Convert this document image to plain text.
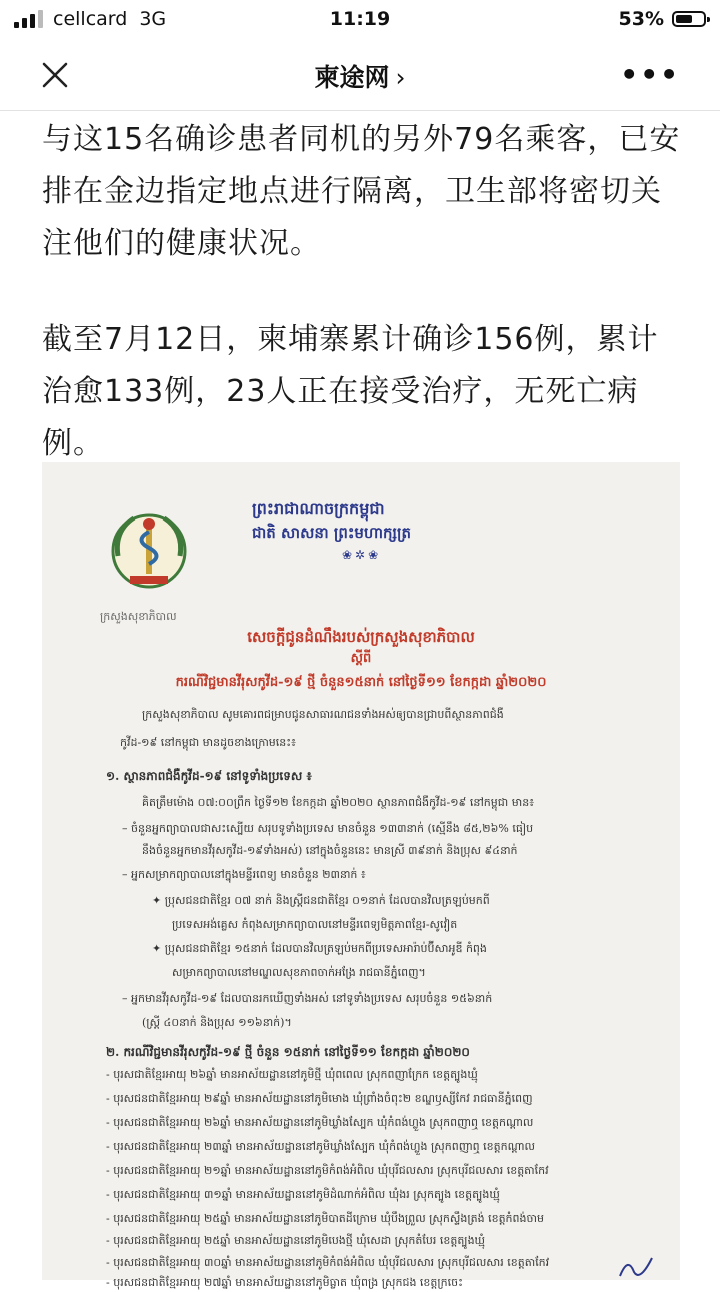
cellcard 3G	11:19	53%
柬途网 ›	•••

与这15名确诊患者同机的另外79名乘客，已安排在金边指定地点进行隔离，卫生部将密切关注他们的健康状况。

截至7月12日，柬埔寨累计确诊156例，累计治愈133例，23人正在接受治疗，无死亡病例。

ក្រសួងសុខាភិបាល
ព្រះរាជាណាចក្រកម្ពុជា
ជាតិ សាសនា ព្រះមហាក្សត្រ
❀✲❀
សេចក្តីជូនដំណឹងរបស់ក្រសួងសុខាភិបាល
ស្តីពី
ករណីវិជ្ជមានវីរុសកូវីដ-១៩ ថ្មី ចំនួន១៥នាក់ នៅថ្ងៃទី១១ ខែកក្កដា ឆ្នាំ២០២០
ក្រសួងសុខាភិបាល សូមគោរពជម្រាបជូនសាធារណជនទាំងអស់ឲ្យបានជ្រាបពីស្ថានភាពជំងឺ
កូវីដ-១៩ នៅកម្ពុជា មានដូចខាងក្រោមនេះ៖
១. ស្ថានភាពជំងឺកូវីដ-១៩ នៅទូទាំងប្រទេស ៖
គិតត្រឹមម៉ោង ០៧:០០ព្រឹក ថ្ងៃទី១២ ខែកក្កដា ឆ្នាំ២០២០ ស្ថានភាពជំងឺកូវីដ-១៩ នៅកម្ពុជា មាន៖
– ចំនួនអ្នកព្យាបាលជាសះស្បើយ សរុបទូទាំងប្រទេស មានចំនួន ១៣៣នាក់ (ស្មើនឹង ៨៥,២៦% ធៀប
នឹងចំនួនអ្នកមានវីរុសកូវីដ-១៩ទាំងអស់) នៅក្នុងចំនួននេះ មានស្រី ៣៩នាក់ និងប្រុស ៩៤នាក់
– អ្នកសម្រាកព្យាបាលនៅក្នុងមន្ទីរពេទ្យ មានចំនួន ២៣នាក់ ៖
✦ ប្រុសជនជាតិខ្មែរ ០៧ នាក់ និងស្ត្រីជនជាតិខ្មែរ ០១នាក់ ដែលបានវិលត្រឡប់មកពី
ប្រទេសអង់គ្លេស កំពុងសម្រាកព្យាបាលនៅមន្ទីរពេទ្យមិត្តភាពខ្មែរ-សូវៀត
✦ ប្រុសជនជាតិខ្មែរ ១៥នាក់ ដែលបានវិលត្រឡប់មកពីប្រទេសអារ៉ាប់ប៊ីសាអូឌី កំពុង
សម្រាកព្យាបាលនៅមណ្ឌលសុខភាពចាក់អង្រែ រាជធានីភ្នំពេញ។
– អ្នកមានវីរុសកូវីដ-១៩ ដែលបានរកឃើញទាំងអស់ នៅទូទាំងប្រទេស សរុបចំនួន ១៥៦នាក់
(ស្ត្រី ៤០នាក់ និងប្រុស ១១៦នាក់)។
២. ករណីវិជ្ជមានវីរុសកូវីដ-១៩ ថ្មី ចំនួន ១៥នាក់ នៅថ្ងៃទី១១ ខែកក្កដា ឆ្នាំ២០២០
- បុរសជាតិខ្មែរអាយុ ២៦ឆ្នាំ មានអាស័យដ្ឋាននៅភូមិថ្មី ឃុំពពេល ស្រុកពញាក្រែក ខេត្តត្បូងឃ្មុំ
- បុរសជនជាតិខ្មែរអាយុ ២៩ឆ្នាំ មានអាស័យដ្ឋាននៅភូមិមោង ឃុំព្រាំងចំពុះ២ ខណ្ឌឫស្សីកែវ រាជធានីភ្នំពេញ
- បុរសជនជាតិខ្មែរអាយុ ២៦ឆ្នាំ មានអាស័យដ្ឋាននៅភូមិឃ្លាំងស្បែក ឃុំកំពង់ហ្លួង ស្រុកពញាឮ ខេត្តកណ្តាល
- បុរសជនជាតិខ្មែរអាយុ ២៣ឆ្នាំ មានអាស័យដ្ឋាននៅភូមិឃ្លាំងស្បែក ឃុំកំពង់ហ្លួង ស្រុកពញាឮ ខេត្តកណ្តាល
- បុរសជនជាតិខ្មែរអាយុ ២១ឆ្នាំ មានអាស័យដ្ឋាននៅភូមិកំពង់អំពិល ឃុំបុរីជលសារ ស្រុកបុរីជលសារ ខេត្តតាកែវ
- បុរសជនជាតិខ្មែរអាយុ ៣១ឆ្នាំ មានអាស័យដ្ឋាននៅភូមិដំណាក់អំពិល ឃុំងរ ស្រុកត្បូង ខេត្តត្បូងឃ្មុំ
- បុរសជនជាតិខ្មែរអាយុ ២៥ឆ្នាំ មានអាស័យដ្ឋាននៅភូមិបាតដីក្រោម ឃុំបឹងព្រួល ស្រុកស្ទឹងត្រង់ ខេត្តកំពង់ចាម
- បុរសជនជាតិខ្មែរអាយុ ២៥ឆ្នាំ មានអាស័យដ្ឋាននៅភូមិបេងថ្មី ឃុំសេដា ស្រុកតំបែរ ខេត្តត្បូងឃ្មុំ
- បុរសជនជាតិខ្មែរអាយុ ៣០ឆ្នាំ មានអាស័យដ្ឋាននៅភូមិកំពង់អំពិល ឃុំបុរីជលសារ ស្រុកបុរីជលសារ ខេត្តតាកែវ
- បុរសជនជាតិខ្មែរអាយុ ២៧ឆ្នាំ មានអាស័យដ្ឋាននៅភូមិធ្លាត ឃុំពង្រ ស្រុកជង ខេត្តក្រចេះ
